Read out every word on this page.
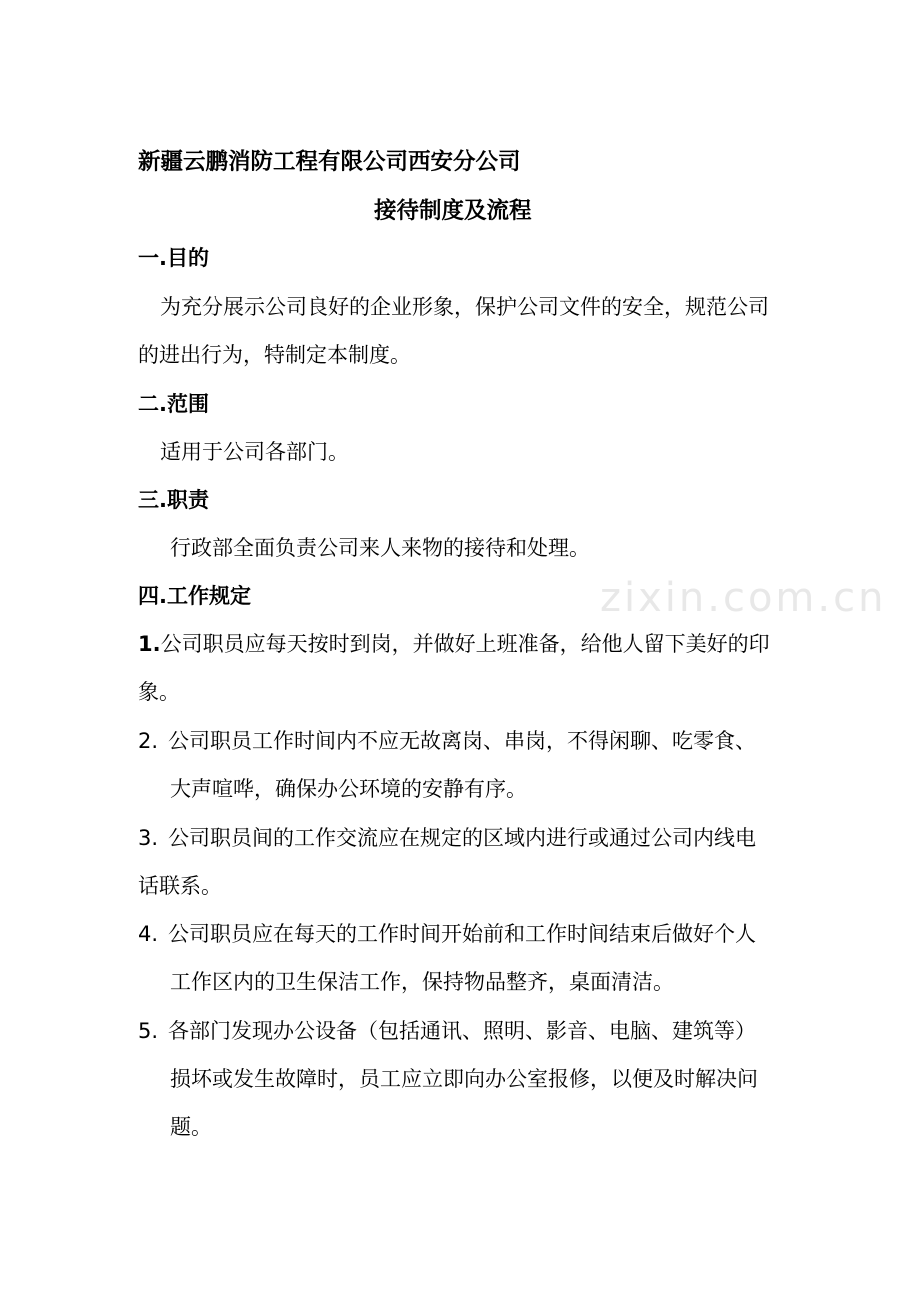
新疆云鹏消防工程有限公司西安分公司
接待制度及流程
一.目的
为充分展示公司良好的企业形象，保护公司文件的安全，规范公司
的进出行为，特制定本制度。
二.范围
适用于公司各部门。
三.职责
行政部全面负责公司来人来物的接待和处理。
四.工作规定
1.公司职员应每天按时到岗，并做好上班准备，给他人留下美好的印
象。
2. 公司职员工作时间内不应无故离岗、串岗，不得闲聊、吃零食、
大声喧哗，确保办公环境的安静有序。
3. 公司职员间的工作交流应在规定的区域内进行或通过公司内线电
话联系。
4. 公司职员应在每天的工作时间开始前和工作时间结束后做好个人
工作区内的卫生保洁工作，保持物品整齐，桌面清洁。
5. 各部门发现办公设备（包括通讯、照明、影音、电脑、建筑等）
损坏或发生故障时，员工应立即向办公室报修，以便及时解决问
题。
zixin.com.cn
